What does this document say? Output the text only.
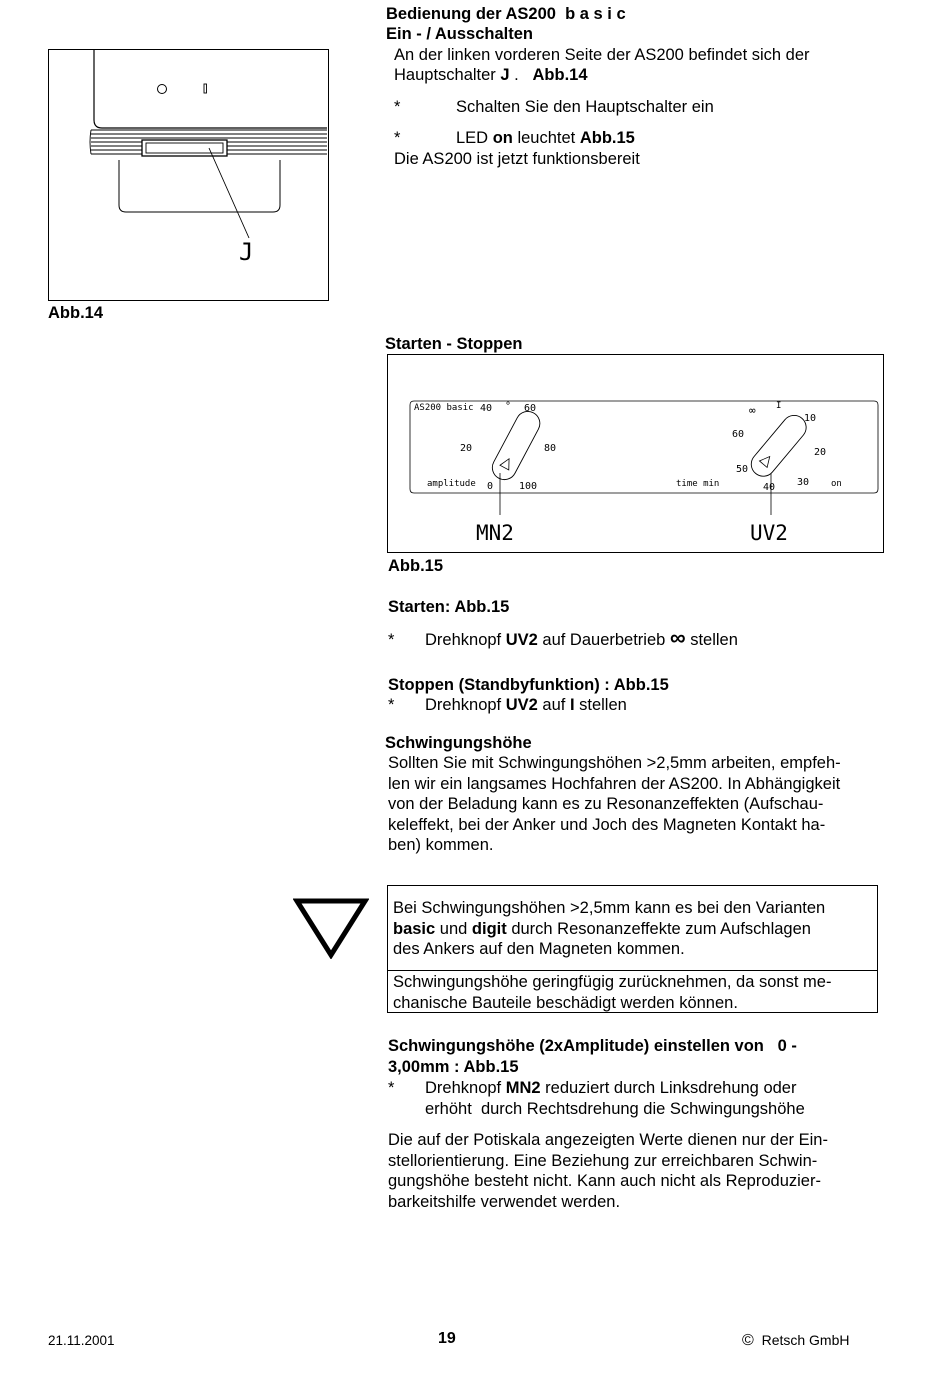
Bedienung der AS200 b a s i c
Ein - / Ausschalten
An der linken vorderen Seite der AS200 befindet sich der
Hauptschalter J .   Abb.14
*	Schalten Sie den Hauptschalter ein
*	LED on leuchtet Abb.15
Die AS200 ist jetzt funktionsbereit
J
Abb.14
Starten - Stoppen
AS200 basic 40 ° 60
20	80
0	100
amplitude
∞ I
10
60
20
50
40 30
time min	on
MN2	UV2
Abb.15
Starten: Abb.15
* Drehknopf UV2 auf Dauerbetrieb ∞ stellen
Stoppen (Standbyfunktion) : Abb.15
* Drehknopf UV2 auf I stellen
Schwingungshöhe
Sollten Sie mit Schwingungshöhen >2,5mm arbeiten, empfeh-
len wir ein langsames Hochfahren der AS200. In Abhängigkeit
von der Beladung kann es zu Resonanzeffekten (Aufschau-
keleffekt, bei der Anker und Joch des Magneten Kontakt ha-
ben) kommen.
Bei Schwingungshöhen >2,5mm kann es bei den Varianten
basic und digit durch Resonanzeffekte zum Aufschlagen
des Ankers auf den Magneten kommen.
Schwingungshöhe geringfügig zurücknehmen, da sonst me-
chanische Bauteile beschädigt werden können.
Schwingungshöhe (2xAmplitude) einstellen von   0 -
3,00mm : Abb.15
* Drehknopf MN2 reduziert durch Linksdrehung oder
erhöht  durch Rechtsdrehung die Schwingungshöhe
Die auf der Potiskala angezeigten Werte dienen nur der Ein-
stellorientierung. Eine Beziehung zur erreichbaren Schwin-
gungshöhe besteht nicht. Kann auch nicht als Reproduzier-
barkeitshilfe verwendet werden.
21.11.2001	19	© Retsch GmbH
